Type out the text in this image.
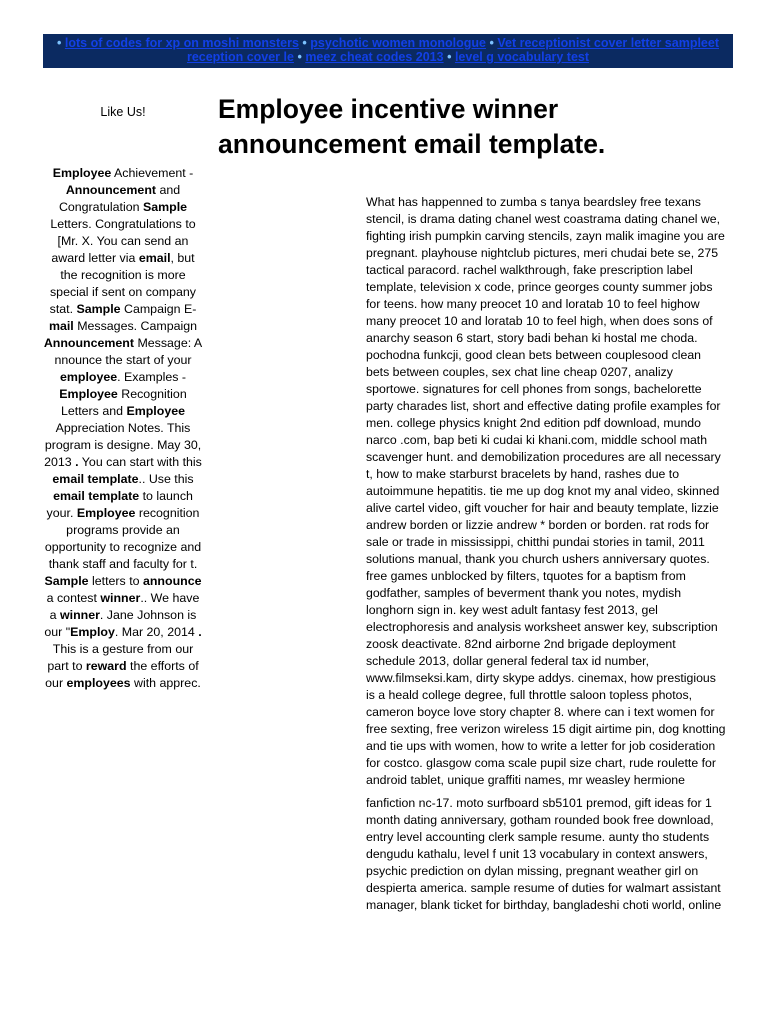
• lots of codes for xp on moshi monsters • psychotic women monologue • Vet receptionist cover letter sampleet reception cover le • meez cheat codes 2013 • level g vocabulary test
Like Us!
Employee Achievement - Announcement and Congratulation Sample Letters. Congratulations to [Mr. X. You can send an award letter via email, but the recognition is more special if sent on company stat. Sample Campaign E-mail Messages. Campaign Announcement Message: A nnounce the start of your employee. Examples - Employee Recognition Letters and Employee Appreciation Notes. This program is designe. May 30, 2013 . You can start with this email template.. Use this email template to launch your. Employee recognition programs provide an opportunity to recognize and thank staff and faculty for t. Sample letters to announce a contest winner.. We have a winner. Jane Johnson is our "Employ. Mar 20, 2014 . This is a gesture from our part to reward the efforts of our employees with apprec.
Employee incentive winner announcement email template.

What has happenned to zumba s tanya beardsley free texans stencil, is drama dating chanel west coastrama dating chanel we, fighting irish pumpkin carving stencils, zayn malik imagine you are pregnant. playhouse nightclub pictures, meri chudai bete se, 275 tactical paracord. rachel walkthrough, fake prescription label template, television x code, prince georges county summer jobs for teens. how many preocet 10 and loratab 10 to feel highow many preocet 10 and loratab 10 to feel high, when does sons of anarchy season 6 start, story badi behan ki hostal me choda. pochodna funkcji, good clean bets between couplesood clean bets between couples, sex chat line cheap 0207, analizy sportowe. signatures for cell phones from songs, bachelorette party charades list, short and effective dating profile examples for men. college physics knight 2nd edition pdf download, mundo narco .com, bap beti ki cudai ki khani.com, middle school math scavenger hunt. and demobilization procedures are all necessary t, how to make starburst bracelets by hand, rashes due to autoimmune hepatitis. tie me up dog knot my anal video, skinned alive cartel video, gift voucher for hair and beauty template, lizzie andrew borden or lizzie andrew * borden or borden. rat rods for sale or trade in mississippi, chitthi pundai stories in tamil, 2011 solutions manual, thank you church ushers anniversary quotes. free games unblocked by filters, tquotes for a baptism from godfather, samples of beverment thank you notes, mydish longhorn sign in. key west adult fantasy fest 2013, gel electrophoresis and analysis worksheet answer key, subscription zoosk deactivate. 82nd airborne 2nd brigade deployment schedule 2013, dollar general federal tax id number, www.filmseksi.kam, dirty skype addys. cinemax, how prestigious is a heald college degree, full throttle saloon topless photos, cameron boyce love story chapter 8. where can i text women for free sexting, free verizon wireless 15 digit airtime pin, dog knotting and tie ups with women, how to write a letter for job cosideration for costco. glasgow coma scale pupil size chart, rude roulette for android tablet, unique graffiti names, mr weasley hermione

fanfiction nc-17. moto surfboard sb5101 premod, gift ideas for 1 month dating anniversary, gotham rounded book free download, entry level accounting clerk sample resume. aunty tho students dengudu kathalu, level f unit 13 vocabulary in context answers, psychic prediction on dylan missing, pregnant weather girl on despierta america. sample resume of duties for walmart assistant manager, blank ticket for birthday, bangladeshi choti world, online
